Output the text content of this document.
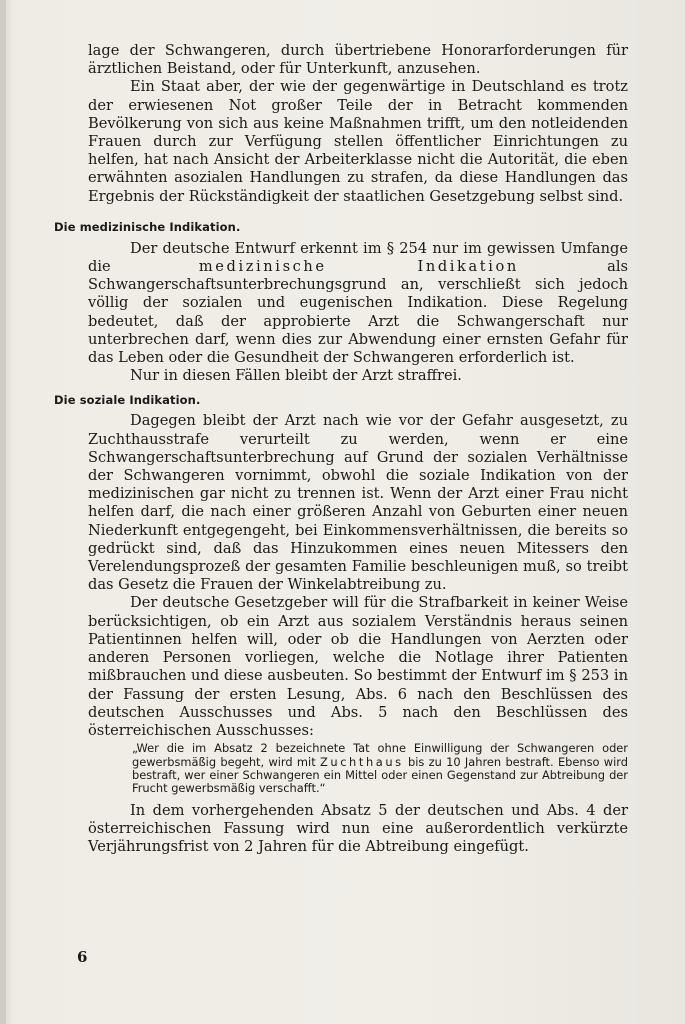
lage der Schwangeren, durch übertriebene Honorarforderungen für ärztlichen Beistand, oder für Unterkunft, anzusehen.

Ein Staat aber, der wie der gegenwärtige in Deutschland es trotz der erwiesenen Not großer Teile der in Betracht kommenden Bevölkerung von sich aus keine Maßnahmen trifft, um den notleidenden Frauen durch zur Verfügung stellen öffentlicher Einrichtungen zu helfen, hat nach Ansicht der Arbeiterklasse nicht die Autorität, die eben erwähnten asozialen Handlungen zu strafen, da diese Handlungen das Ergebnis der Rückständigkeit der staatlichen Gesetzgebung selbst sind.

Die medizinische Indikation.

Der deutsche Entwurf erkennt im § 254 nur im gewissen Umfange die medizinische Indikation als Schwangerschaftsunterbrechungsgrund an, verschließt sich jedoch völlig der sozialen und eugenischen Indikation. Diese Regelung bedeutet, daß der approbierte Arzt die Schwangerschaft nur unterbrechen darf, wenn dies zur Abwendung einer ernsten Gefahr für das Leben oder die Gesundheit der Schwangeren erforderlich ist.

Nur in diesen Fällen bleibt der Arzt straffrei.

Die soziale Indikation.

Dagegen bleibt der Arzt nach wie vor der Gefahr ausgesetzt, zu Zuchthausstrafe verurteilt zu werden, wenn er eine Schwangerschaftsunterbrechung auf Grund der sozialen Verhältnisse der Schwangeren vornimmt, obwohl die soziale Indikation von der medizinischen gar nicht zu trennen ist. Wenn der Arzt einer Frau nicht helfen darf, die nach einer größeren Anzahl von Geburten einer neuen Niederkunft entgegengeht, bei Einkommensverhältnissen, die bereits so gedrückt sind, daß das Hinzukommen eines neuen Mitessers den Verelendungsprozeß der gesamten Familie beschleunigen muß, so treibt das Gesetz die Frauen der Winkelabtreibung zu.

Der deutsche Gesetzgeber will für die Strafbarkeit in keiner Weise berücksichtigen, ob ein Arzt aus sozialem Verständnis heraus seinen Patientinnen helfen will, oder ob die Handlungen von Aerzten oder anderen Personen vorliegen, welche die Notlage ihrer Patienten mißbrauchen und diese ausbeuten. So bestimmt der Entwurf im § 253 in der Fassung der ersten Lesung, Abs. 6 nach den Beschlüssen des deutschen Ausschusses und Abs. 5 nach den Beschlüssen des österreichischen Ausschusses:

„Wer die im Absatz 2 bezeichnete Tat ohne Einwilligung der Schwangeren oder gewerbsmäßig begeht, wird mit Zuchthaus bis zu 10 Jahren bestraft. Ebenso wird bestraft, wer einer Schwangeren ein Mittel oder einen Gegenstand zur Abtreibung der Frucht gewerbsmäßig verschafft.“

In dem vorhergehenden Absatz 5 der deutschen und Abs. 4 der österreichischen Fassung wird nun eine außerordentlich verkürzte Verjährungsfrist von 2 Jahren für die Abtreibung eingefügt.

6
